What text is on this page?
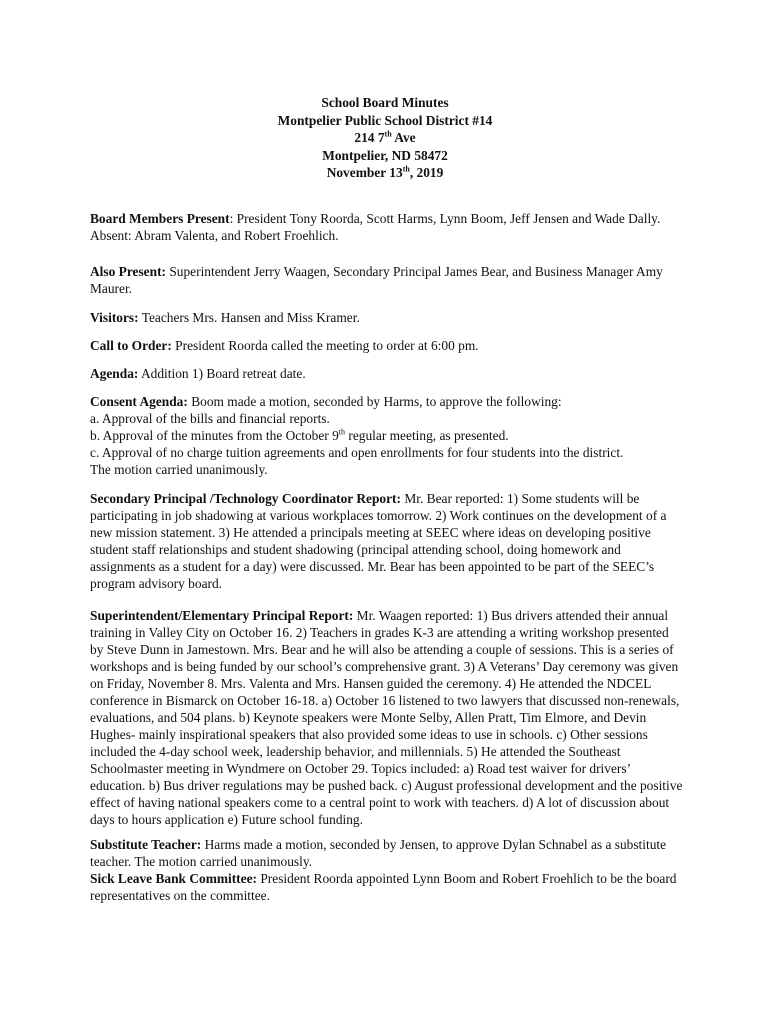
School Board Minutes
Montpelier Public School District #14
214 7th Ave
Montpelier, ND 58472
November 13th, 2019

Board Members Present: President Tony Roorda, Scott Harms, Lynn Boom, Jeff Jensen and Wade Dally. Absent: Abram Valenta, and Robert Froehlich.

Also Present: Superintendent Jerry Waagen, Secondary Principal James Bear, and Business Manager Amy Maurer.

Visitors: Teachers Mrs. Hansen and Miss Kramer.

Call to Order: President Roorda called the meeting to order at 6:00 pm.

Agenda: Addition 1) Board retreat date.

Consent Agenda: Boom made a motion, seconded by Harms, to approve the following:

a. Approval of the bills and financial reports.

b. Approval of the minutes from the October 9th regular meeting, as presented.

c. Approval of no charge tuition agreements and open enrollments for four students into the district.

The motion carried unanimously.

Secondary Principal /Technology Coordinator Report: Mr. Bear reported: 1) Some students will be participating in job shadowing at various workplaces tomorrow. 2) Work continues on the development of a new mission statement. 3) He attended a principals meeting at SEEC where ideas on developing positive student staff relationships and student shadowing (principal attending school, doing homework and assignments as a student for a day) were discussed. Mr. Bear has been appointed to be part of the SEEC’s program advisory board.

Superintendent/Elementary Principal Report: Mr. Waagen reported: 1) Bus drivers attended their annual training in Valley City on October 16. 2) Teachers in grades K-3 are attending a writing workshop presented by Steve Dunn in Jamestown. Mrs. Bear and he will also be attending a couple of sessions. This is a series of workshops and is being funded by our school’s comprehensive grant. 3) A Veterans’ Day ceremony was given on Friday, November 8. Mrs. Valenta and Mrs. Hansen guided the ceremony. 4) He attended the NDCEL conference in Bismarck on October 16-18. a) October 16 listened to two lawyers that discussed non-renewals, evaluations, and 504 plans. b) Keynote speakers were Monte Selby, Allen Pratt, Tim Elmore, and Devin Hughes- mainly inspirational speakers that also provided some ideas to use in schools. c) Other sessions included the 4-day school week, leadership behavior, and millennials. 5) He attended the Southeast Schoolmaster meeting in Wyndmere on October 29. Topics included: a) Road test waiver for drivers’ education. b) Bus driver regulations may be pushed back. c) August professional development and the positive effect of having national speakers come to a central point to work with teachers. d) A lot of discussion about days to hours application e) Future school funding.

Substitute Teacher: Harms made a motion, seconded by Jensen, to approve Dylan Schnabel as a substitute teacher. The motion carried unanimously.

Sick Leave Bank Committee: President Roorda appointed Lynn Boom and Robert Froehlich to be the board representatives on the committee.
